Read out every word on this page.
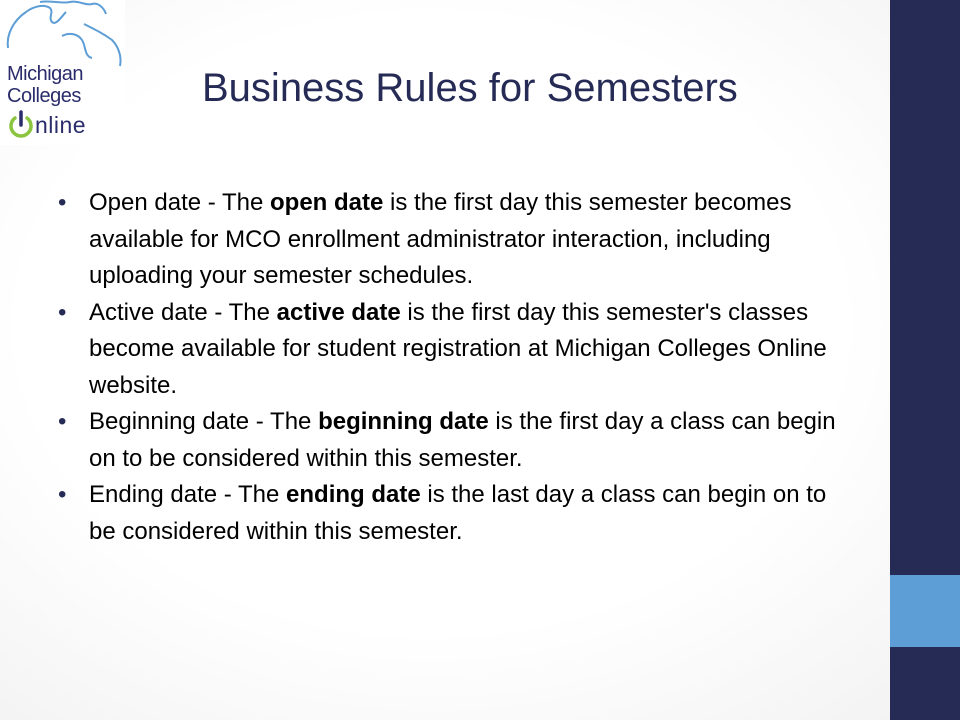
Michigan
Colleges
nline
Business Rules for Semesters
• Open date - The open date is the first day this semester becomes available for MCO enrollment administrator interaction, including uploading your semester schedules.
• Active date - The active date is the first day this semester's classes become available for student registration at Michigan Colleges Online website.
• Beginning date - The beginning date is the first day a class can begin on to be considered within this semester.
• Ending date - The ending date is the last day a class can begin on to be considered within this semester.
